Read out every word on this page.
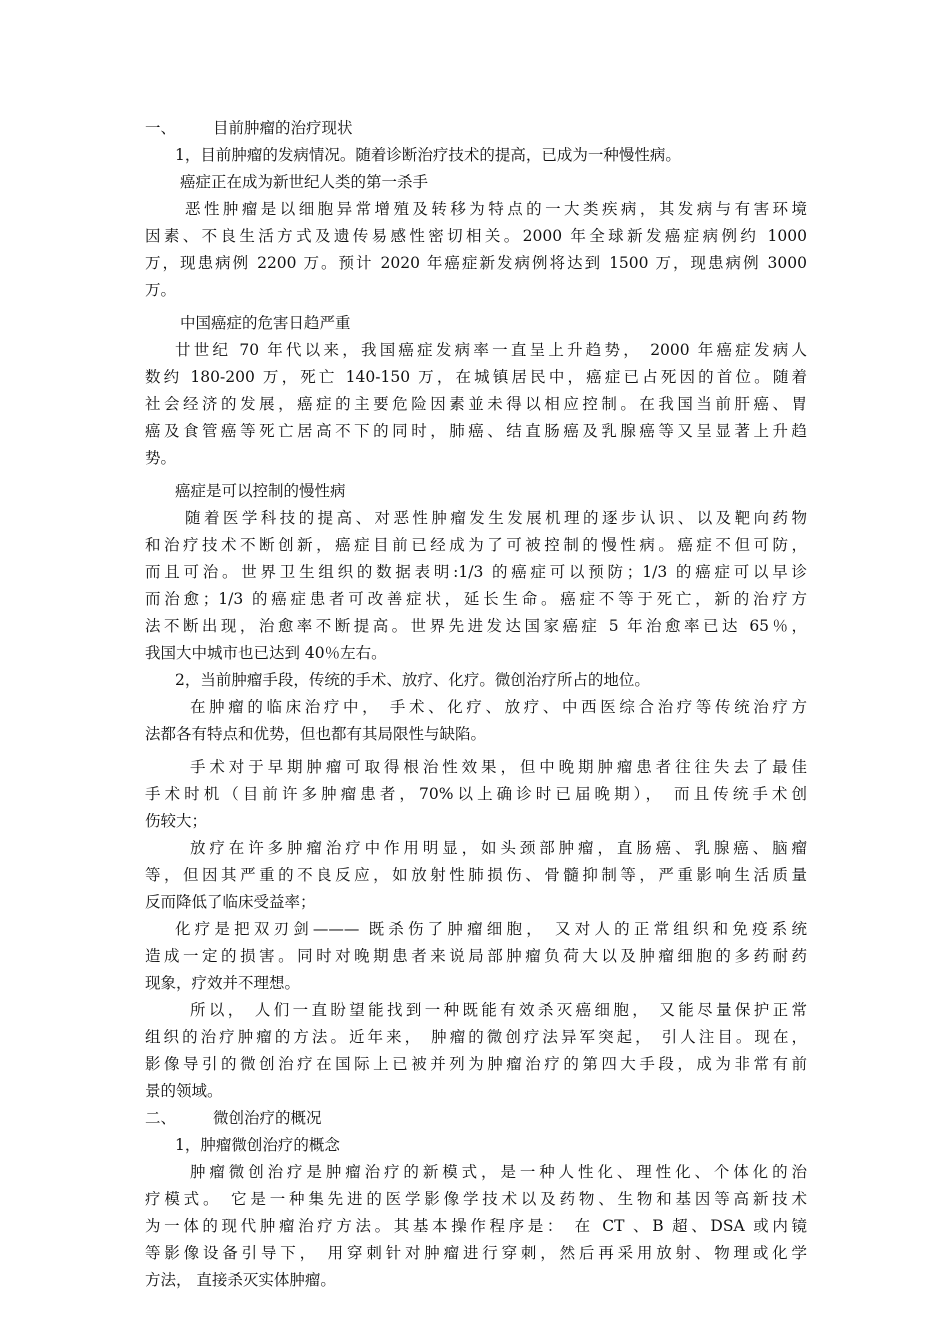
一、 目前肿瘤的治疗现状
1，目前肿瘤的发病情况。随着诊断治疗技术的提高，已成为一种慢性病。
癌症正在成为新世纪人类的第一杀手
恶性肿瘤是以细胞异常增殖及转移为特点的一大类疾病，其发病与有害环境
因素、不良生活方式及遗传易感性密切相关。2000 年全球新发癌症病例约 1000
万，现患病例 2200 万。预计 2020 年癌症新发病例将达到 1500 万，现患病例 3000
万。
中国癌症的危害日趋严重
廿世纪 70 年代以来，我国癌症发病率一直呈上升趋势， 2000 年癌症发病人
数约 180-200 万，死亡 140-150 万，在城镇居民中，癌症已占死因的首位。随着
社会经济的发展，癌症的主要危险因素並未得以相应控制。在我国当前肝癌、胃
癌及食管癌等死亡居高不下的同时，肺癌、结直肠癌及乳腺癌等又呈显著上升趋
势。
癌症是可以控制的慢性病
随着医学科技的提高、对恶性肿瘤发生发展机理的逐步认识、以及靶向药物
和治疗技术不断创新，癌症目前已经成为了可被控制的慢性病。癌症不但可防，
而且可治。世界卫生组织的数据表明:1/3 的癌症可以预防；1/3 的癌症可以早诊
而治愈；1/3 的癌症患者可改善症状，延长生命。癌症不等于死亡，新的治疗方
法不断出现，治愈率不断提高。世界先进发达国家癌症 5 年治愈率已达 65％，
我国大中城市也已达到 40％左右。
2，当前肿瘤手段，传统的手术、放疗、化疗。微创治疗所占的地位。
在肿瘤的临床治疗中， 手术、化疗、放疗、中西医综合治疗等传统治疗方
法都各有特点和优势，但也都有其局限性与缺陷。
手术对于早期肿瘤可取得根治性效果，但中晚期肿瘤患者往往失去了最佳
手术时机（目前许多肿瘤患者，70%以上确诊时已届晚期）， 而且传统手术创
伤较大；
放疗在许多肿瘤治疗中作用明显，如头颈部肿瘤，直肠癌、乳腺癌、脑瘤
等，但因其严重的不良反应，如放射性肺损伤、骨髓抑制等，严重影响生活质量
反而降低了临床受益率；
化疗是把双刃剑——— 既杀伤了肿瘤细胞， 又对人的正常组织和免疫系统
造成一定的损害。同时对晚期患者来说局部肿瘤负荷大以及肿瘤细胞的多药耐药
现象，疗效并不理想。
所以， 人们一直盼望能找到一种既能有效杀灭癌细胞， 又能尽量保护正常
组织的治疗肿瘤的方法。近年来， 肿瘤的微创疗法异军突起， 引人注目。现在，
影像导引的微创治疗在国际上已被并列为肿瘤治疗的第四大手段，成为非常有前
景的领域。
二、 微创治疗的概况
1，肿瘤微创治疗的概念
肿瘤微创治疗是肿瘤治疗的新模式，是一种人性化、理性化、个体化的治
疗模式。 它是一种集先进的医学影像学技术以及药物、生物和基因等高新技术
为一体的现代肿瘤治疗方法。其基本操作程序是： 在 CT 、B 超、DSA 或内镜
等影像设备引导下， 用穿刺针对肿瘤进行穿刺，然后再采用放射、物理或化学
方法， 直接杀灭实体肿瘤。
